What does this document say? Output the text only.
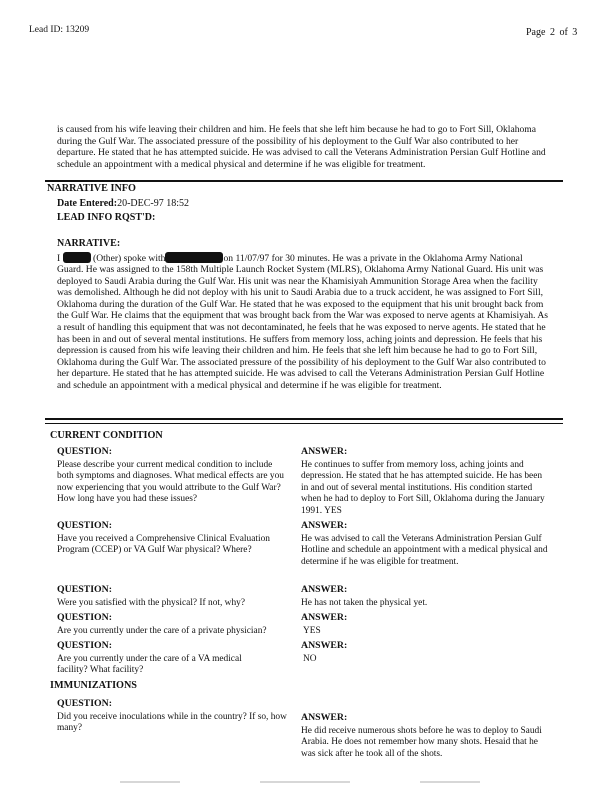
Lead ID: 13209	Page 2 of 3

is caused from his wife leaving their children and him. He feels that she left him because he had to go to Fort Sill, Oklahoma during the Gulf War. The associated pressure of the possibility of his deployment to the Gulf War also contributed to her departure. He stated that he has attempted suicide. He was advised to call the Veterans Administration Persian Gulf Hotline and schedule an appointment with a medical physical and determine if he was eligible for treatment.

NARRATIVE INFO
Date Entered:20-DEC-97 18:52
LEAD INFO RQST'D:
NARRATIVE:
I	(Other) spoke with	on 11/07/97 for 30 minutes. He was a private in the Oklahoma Army National

Guard. He was assigned to the 158th Multiple Launch Rocket System (MLRS), Oklahoma Army National Guard. His unit was deployed to Saudi Arabia during the Gulf War. His unit was near the Khamisiyah Ammunition Storage Area when the facility was demolished. Although he did not deploy with his unit to Saudi Arabia due to a truck accident, he was assigned to Fort Sill, Oklahoma during the duration of the Gulf War. He stated that he was exposed to the equipment that his unit brought back from the Gulf War. He claims that the equipment that was brought back from the War was exposed to nerve agents at Khamisiyah. As a result of handling this equipment that was not decontaminated, he feels that he was exposed to nerve agents. He stated that he has been in and out of several mental institutions. He suffers from memory loss, aching joints and depression. He feels that his depression is caused from his wife leaving their children and him. He feels that she left him because he had to go to Fort Sill, Oklahoma during the Gulf War. The associated pressure of the possibility of his deployment to the Gulf War also contributed to her departure. He stated that he has attempted suicide. He was advised to call the Veterans Administration Persian Gulf Hotline and schedule an appointment with a medical physical and determine if he was eligible for treatment.

CURRENT CONDITION
QUESTION:	ANSWER:

Please describe your current medical condition to include both symptoms and diagnoses. What medical effects are you now experiencing that you would attribute to the Gulf War? How long have you had these issues?

He continues to suffer from memory loss, aching joints and depression. He stated that he has attempted suicide. He has been in and out of several mental institutions. His condition started when he had to deploy to Fort Sill, Oklahoma during the January 1991. YES

QUESTION:	ANSWER:

Have you received a Comprehensive Clinical Evaluation Program (CCEP) or VA Gulf War physical? Where?

He was advised to call the Veterans Administration Persian Gulf Hotline and schedule an appointment with a medical physical and determine if he was eligible for treatment.

QUESTION:	ANSWER:

Were you satisfied with the physical? If not, why?	He has not taken the physical yet.

QUESTION:	ANSWER:

Are you currently under the care of a private physician?	YES

QUESTION:	ANSWER:

Are you currently under the care of a VA medical facility? What facility?

NO

IMMUNIZATIONS
QUESTION:

Did you receive inoculations while in the country? If so, how many?

ANSWER:

He did receive numerous shots before he was to deploy to Saudi Arabia. He does not remember how many shots. Hesaid that he was sick after he took all of the shots.
